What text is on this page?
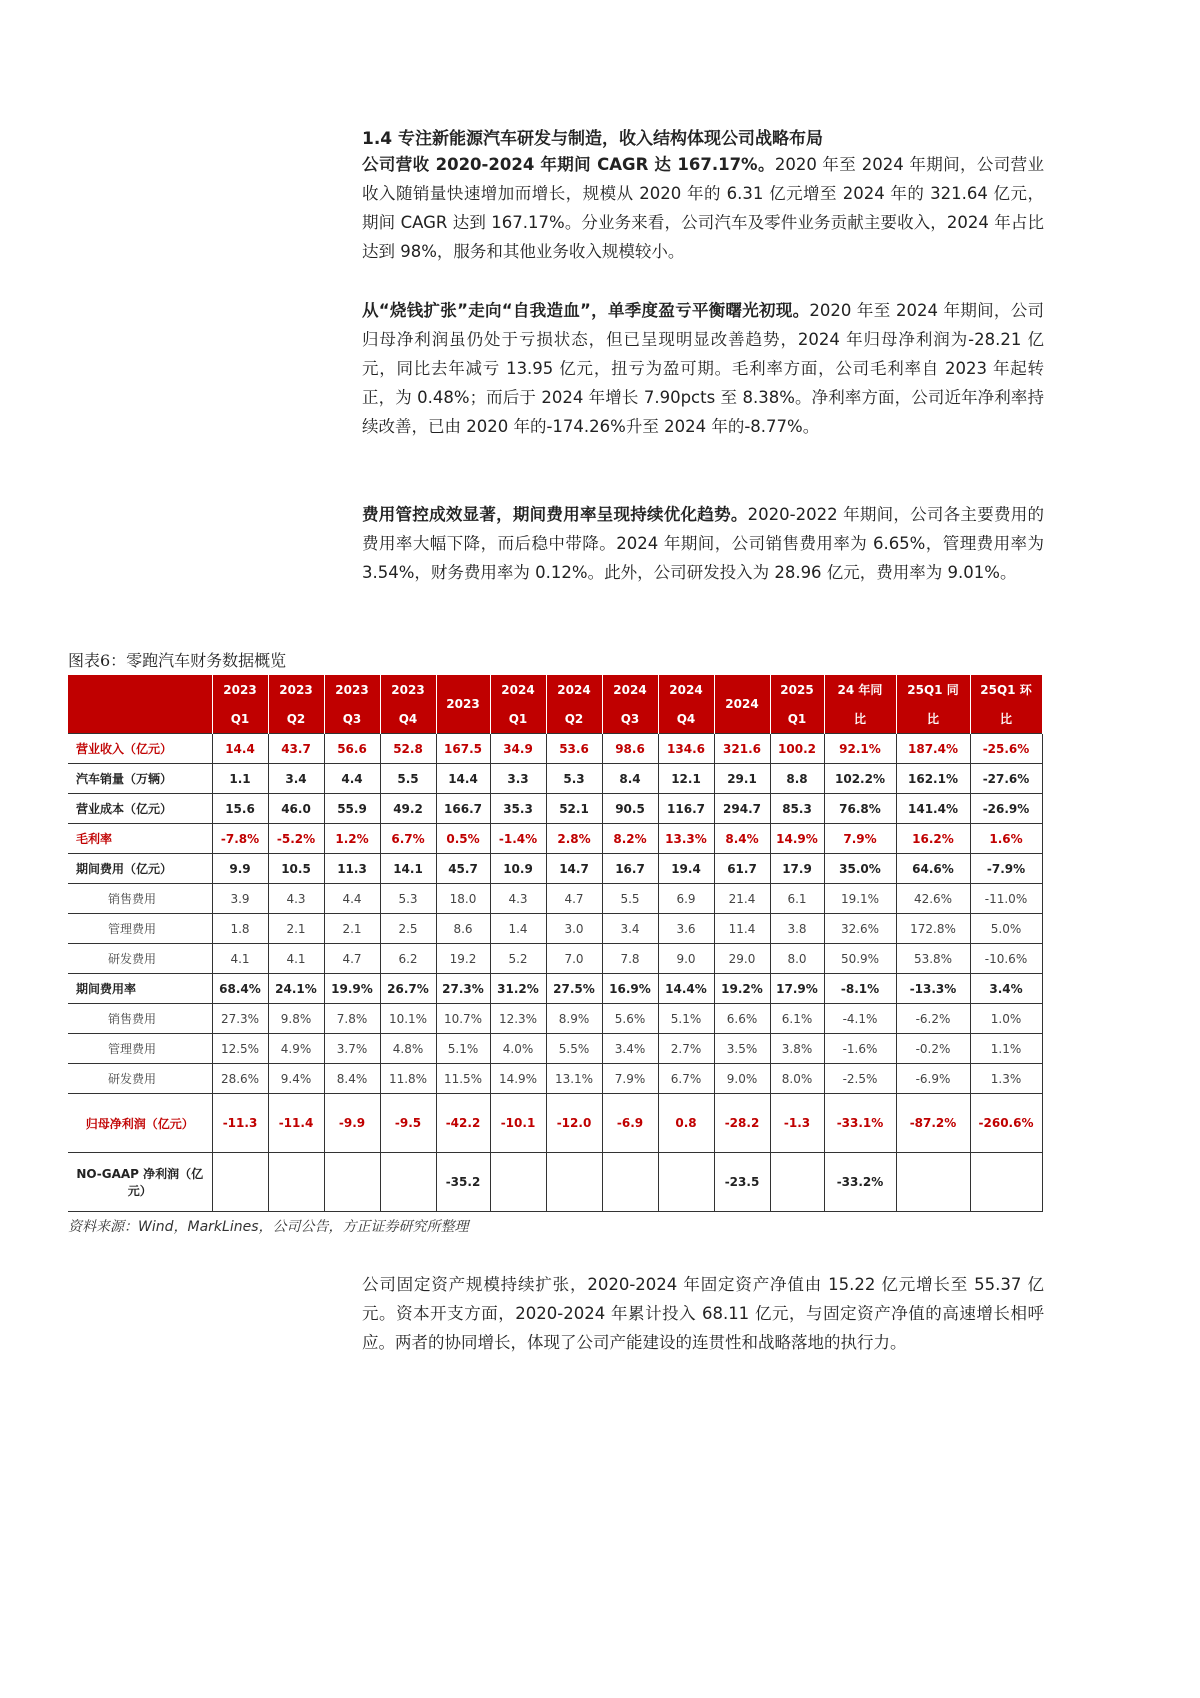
1.4 专注新能源汽车研发与制造，收入结构体现公司战略布局
公司营收 2020-2024 年期间 CAGR 达 167.17%。2020 年至 2024 年期间，公司营业收入随销量快速增加而增长，规模从 2020 年的 6.31 亿元增至 2024 年的 321.64 亿元，期间 CAGR 达到 167.17%。分业务来看，公司汽车及零件业务贡献主要收入，2024 年占比达到 98%，服务和其他业务收入规模较小。
从“烧钱扩张”走向“自我造血”，单季度盈亏平衡曙光初现。2020 年至 2024 年期间，公司归母净利润虽仍处于亏损状态，但已呈现明显改善趋势，2024 年归母净利润为-28.21 亿元，同比去年减亏 13.95 亿元，扭亏为盈可期。毛利率方面，公司毛利率自 2023 年起转正，为 0.48%；而后于 2024 年增长 7.90pcts 至 8.38%。净利率方面，公司近年净利率持续改善，已由 2020 年的-174.26%升至 2024 年的-8.77%。
费用管控成效显著，期间费用率呈现持续优化趋势。2020-2022 年期间，公司各主要费用的费用率大幅下降，而后稳中带降。2024 年期间，公司销售费用率为 6.65%，管理费用率为 3.54%，财务费用率为 0.12%。此外，公司研发投入为 28.96 亿元，费用率为 9.01%。
图表6：零跑汽车财务数据概览
	2023	2023	2023	2023	2023	2024	2024	2024	2024	2024	2025	24 年同	25Q1 同	25Q1 环
	Q1	Q2	Q3	Q4		Q1	Q2	Q3	Q4		Q1	比	比	比
营业收入（亿元）	14.4	43.7	56.6	52.8	167.5	34.9	53.6	98.6	134.6	321.6	100.2	92.1%	187.4%	-25.6%
汽车销量（万辆）	1.1	3.4	4.4	5.5	14.4	3.3	5.3	8.4	12.1	29.1	8.8	102.2%	162.1%	-27.6%
营业成本（亿元）	15.6	46.0	55.9	49.2	166.7	35.3	52.1	90.5	116.7	294.7	85.3	76.8%	141.4%	-26.9%
毛利率	-7.8%	-5.2%	1.2%	6.7%	0.5%	-1.4%	2.8%	8.2%	13.3%	8.4%	14.9%	7.9%	16.2%	1.6%
期间费用（亿元）	9.9	10.5	11.3	14.1	45.7	10.9	14.7	16.7	19.4	61.7	17.9	35.0%	64.6%	-7.9%
销售费用	3.9	4.3	4.4	5.3	18.0	4.3	4.7	5.5	6.9	21.4	6.1	19.1%	42.6%	-11.0%
管理费用	1.8	2.1	2.1	2.5	8.6	1.4	3.0	3.4	3.6	11.4	3.8	32.6%	172.8%	5.0%
研发费用	4.1	4.1	4.7	6.2	19.2	5.2	7.0	7.8	9.0	29.0	8.0	50.9%	53.8%	-10.6%
期间费用率	68.4%	24.1%	19.9%	26.7%	27.3%	31.2%	27.5%	16.9%	14.4%	19.2%	17.9%	-8.1%	-13.3%	3.4%
销售费用	27.3%	9.8%	7.8%	10.1%	10.7%	12.3%	8.9%	5.6%	5.1%	6.6%	6.1%	-4.1%	-6.2%	1.0%
管理费用	12.5%	4.9%	3.7%	4.8%	5.1%	4.0%	5.5%	3.4%	2.7%	3.5%	3.8%	-1.6%	-0.2%	1.1%
研发费用	28.6%	9.4%	8.4%	11.8%	11.5%	14.9%	13.1%	7.9%	6.7%	9.0%	8.0%	-2.5%	-6.9%	1.3%
归母净利润（亿元）	-11.3	-11.4	-9.9	-9.5	-42.2	-10.1	-12.0	-6.9	0.8	-28.2	-1.3	-33.1%	-87.2%	-260.6%
NO-GAAP 净利润（亿元）					-35.2					-23.5		-33.2%		
资料来源：Wind，MarkLines，公司公告，方正证券研究所整理
公司固定资产规模持续扩张，2020-2024 年固定资产净值由 15.22 亿元增长至 55.37 亿元。资本开支方面，2020-2024 年累计投入 68.11 亿元，与固定资产净值的高速增长相呼应。两者的协同增长，体现了公司产能建设的连贯性和战略落地的执行力。
